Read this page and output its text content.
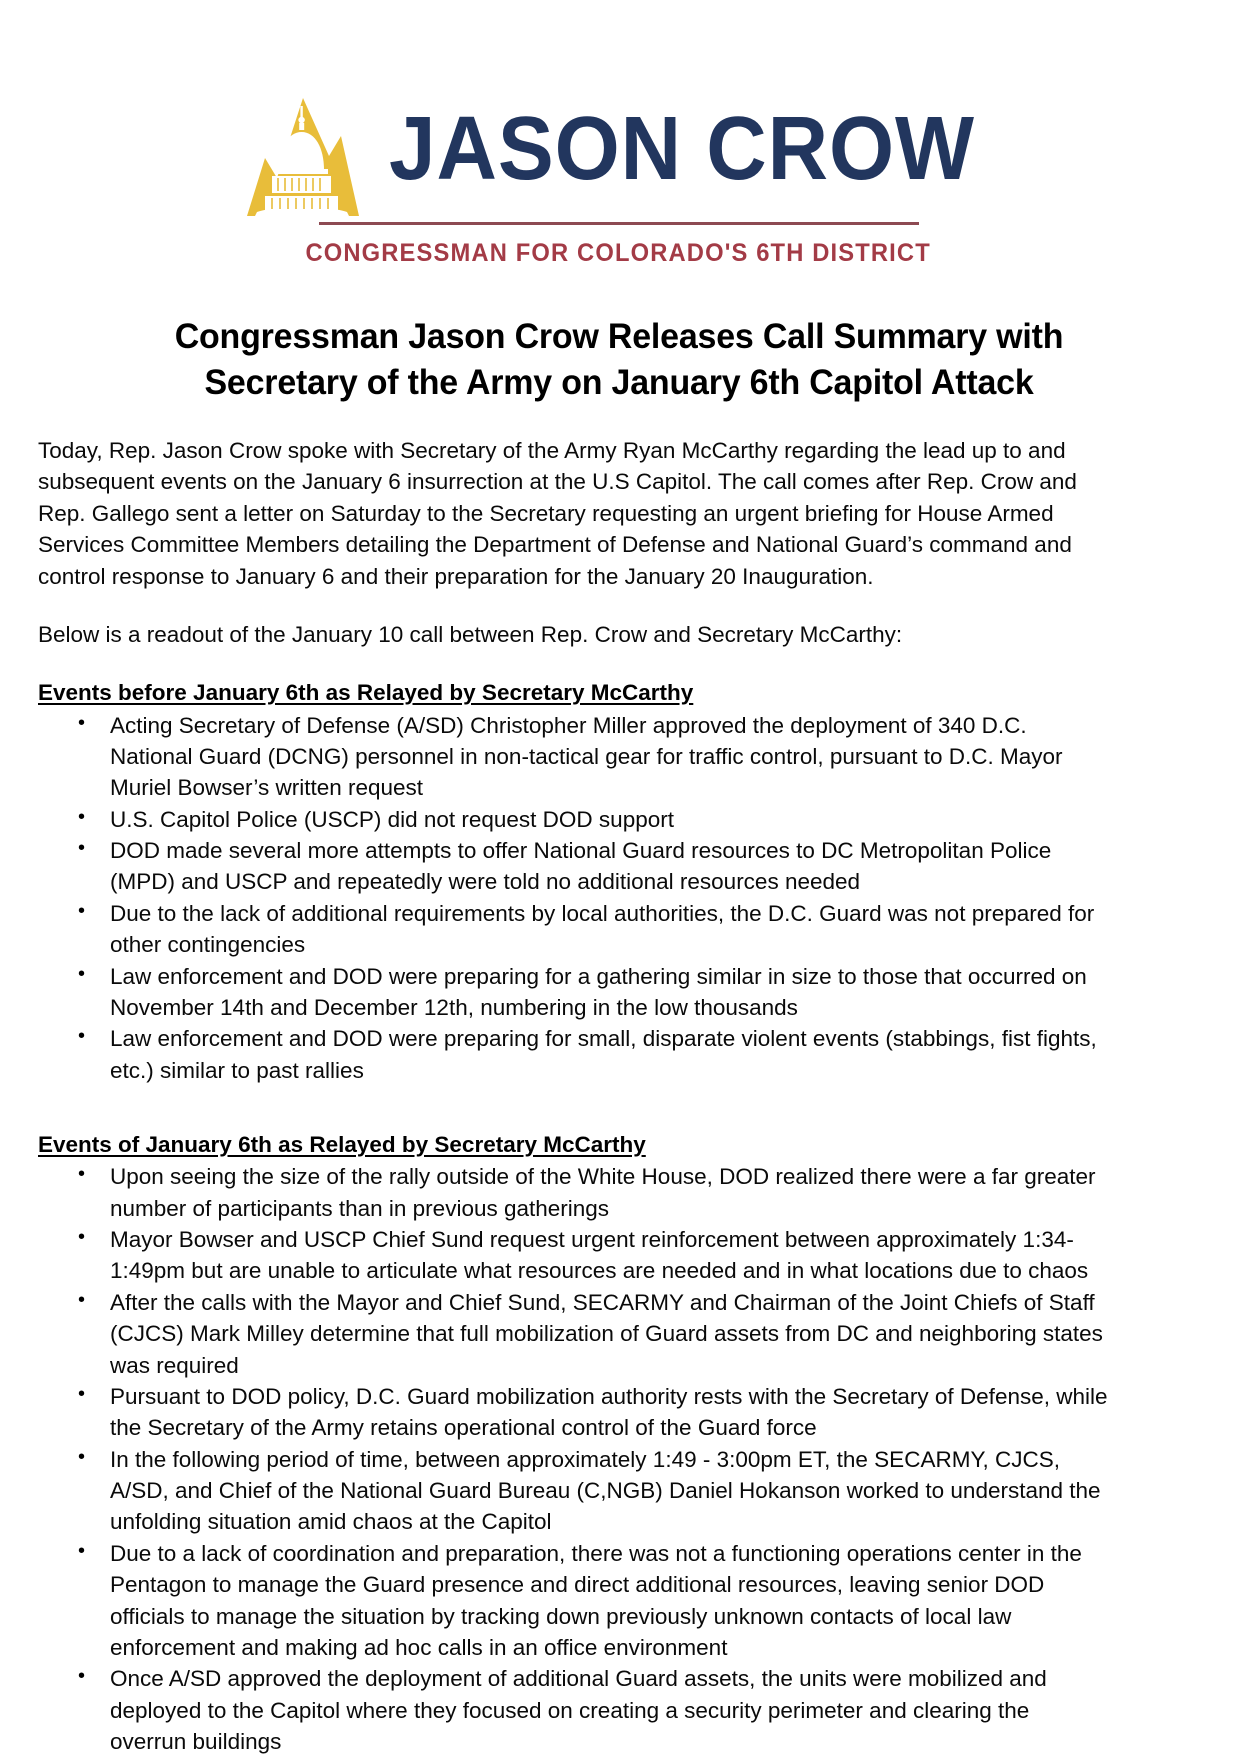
JASON CROW
CONGRESSMAN FOR COLORADO'S 6TH DISTRICT
Congressman Jason Crow Releases Call Summary with Secretary of the Army on January 6th Capitol Attack

Today, Rep. Jason Crow spoke with Secretary of the Army Ryan McCarthy regarding the lead up to and subsequent events on the January 6 insurrection at the U.S Capitol. The call comes after Rep. Crow and Rep. Gallego sent a letter on Saturday to the Secretary requesting an urgent briefing for House Armed Services Committee Members detailing the Department of Defense and National Guard’s command and control response to January 6 and their preparation for the January 20 Inauguration.

Below is a readout of the January 10 call between Rep. Crow and Secretary McCarthy:

Events before January 6th as Relayed by Secretary McCarthy
• Acting Secretary of Defense (A/SD) Christopher Miller approved the deployment of 340 D.C. National Guard (DCNG) personnel in non-tactical gear for traffic control, pursuant to D.C. Mayor Muriel Bowser’s written request
• U.S. Capitol Police (USCP) did not request DOD support
• DOD made several more attempts to offer National Guard resources to DC Metropolitan Police (MPD) and USCP and repeatedly were told no additional resources needed
• Due to the lack of additional requirements by local authorities, the D.C. Guard was not prepared for other contingencies
• Law enforcement and DOD were preparing for a gathering similar in size to those that occurred on November 14th and December 12th, numbering in the low thousands
• Law enforcement and DOD were preparing for small, disparate violent events (stabbings, fist fights, etc.) similar to past rallies
Events of January 6th as Relayed by Secretary McCarthy
• Upon seeing the size of the rally outside of the White House, DOD realized there were a far greater number of participants than in previous gatherings
• Mayor Bowser and USCP Chief Sund request urgent reinforcement between approximately 1:34-1:49pm but are unable to articulate what resources are needed and in what locations due to chaos
• After the calls with the Mayor and Chief Sund, SECARMY and Chairman of the Joint Chiefs of Staff (CJCS) Mark Milley determine that full mobilization of Guard assets from DC and neighboring states was required
• Pursuant to DOD policy, D.C. Guard mobilization authority rests with the Secretary of Defense, while the Secretary of the Army retains operational control of the Guard force
• In the following period of time, between approximately 1:49 - 3:00pm ET, the SECARMY, CJCS, A/SD, and Chief of the National Guard Bureau (C,NGB) Daniel Hokanson worked to understand the unfolding situation amid chaos at the Capitol
• Due to a lack of coordination and preparation, there was not a functioning operations center in the Pentagon to manage the Guard presence and direct additional resources, leaving senior DOD officials to manage the situation by tracking down previously unknown contacts of local law enforcement and making ad hoc calls in an office environment
• Once A/SD approved the deployment of additional Guard assets, the units were mobilized and deployed to the Capitol where they focused on creating a security perimeter and clearing the overrun buildings
